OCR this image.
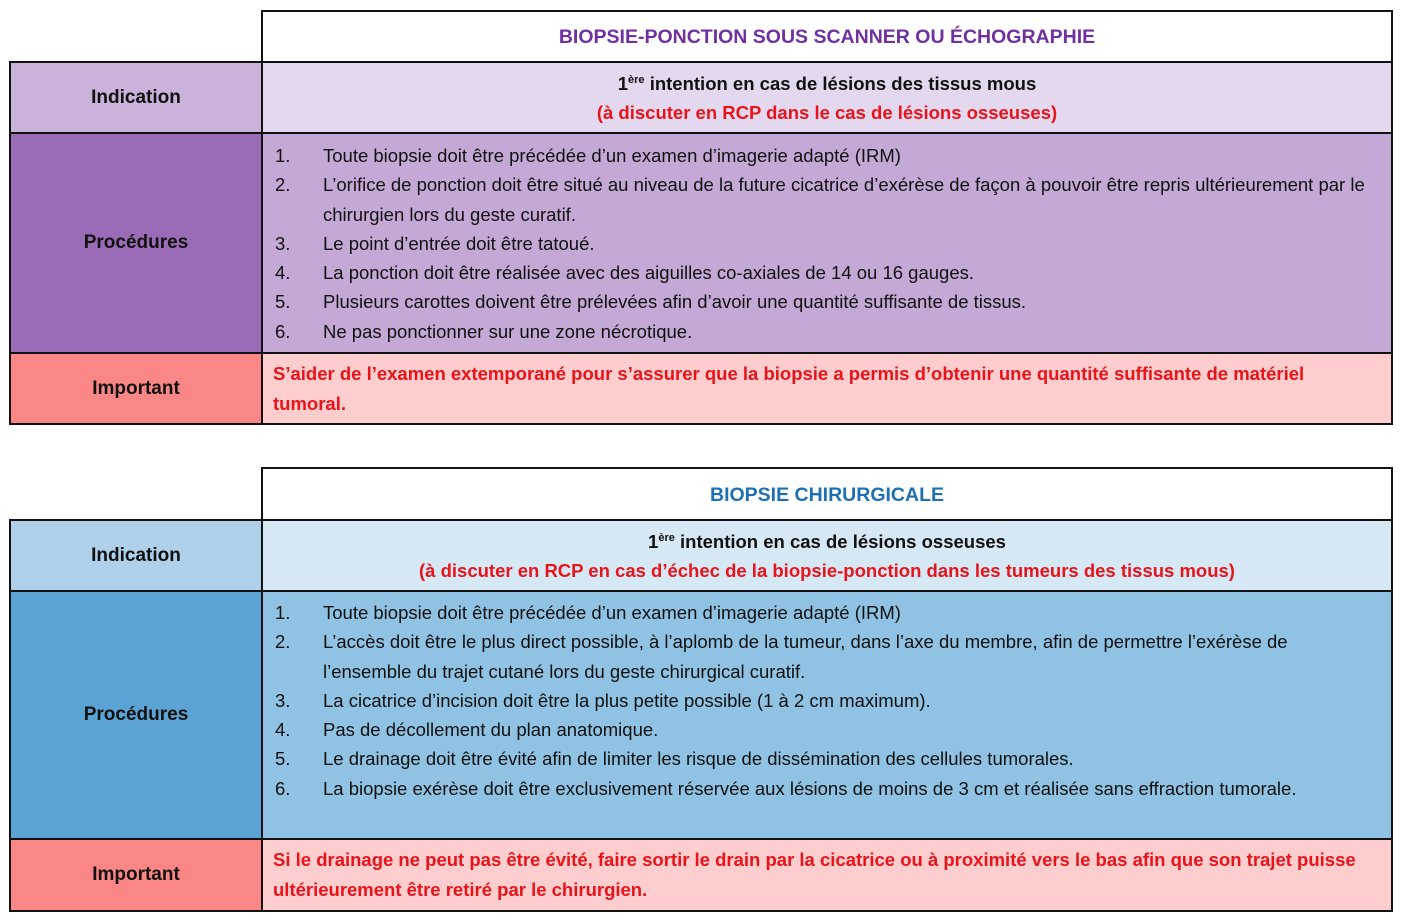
BIOPSIE-PONCTION SOUS SCANNER OU ÉCHOGRAPHIE
Indication
1ère intention en cas de lésions des tissus mous
(à discuter en RCP dans le cas de lésions osseuses)
Procédures
1. Toute biopsie doit être précédée d’un examen d’imagerie adapté (IRM)
2. L’orifice de ponction doit être situé au niveau de la future cicatrice d’exérèse de façon à pouvoir être repris ultérieurement par le chirurgien lors du geste curatif.
3. Le point d’entrée doit être tatoué.
4. La ponction doit être réalisée avec des aiguilles co-axiales de 14 ou 16 gauges.
5. Plusieurs carottes doivent être prélevées afin d’avoir une quantité suffisante de tissus.
6. Ne pas ponctionner sur une zone nécrotique.
Important
S’aider de l’examen extemporané pour s’assurer que la biopsie a permis d’obtenir une quantité suffisante de matériel tumoral.
BIOPSIE CHIRURGICALE
Indication
1ère intention en cas de lésions osseuses
(à discuter en RCP en cas d’échec de la biopsie-ponction dans les tumeurs des tissus mous)
Procédures
1. Toute biopsie doit être précédée d’un examen d’imagerie adapté (IRM)
2. L’accès doit être le plus direct possible, à l’aplomb de la tumeur, dans l’axe du membre, afin de permettre l’exérèse de l’ensemble du trajet cutané lors du geste chirurgical curatif.
3. La cicatrice d’incision doit être la plus petite possible (1 à 2 cm maximum).
4. Pas de décollement du plan anatomique.
5. Le drainage doit être évité afin de limiter les risque de dissémination des cellules tumorales.
6. La biopsie exérèse doit être exclusivement réservée aux lésions de moins de 3 cm et réalisée sans effraction tumorale.
Important
Si le drainage ne peut pas être évité, faire sortir le drain par la cicatrice ou à proximité vers le bas afin que son trajet puisse ultérieurement être retiré par le chirurgien.
